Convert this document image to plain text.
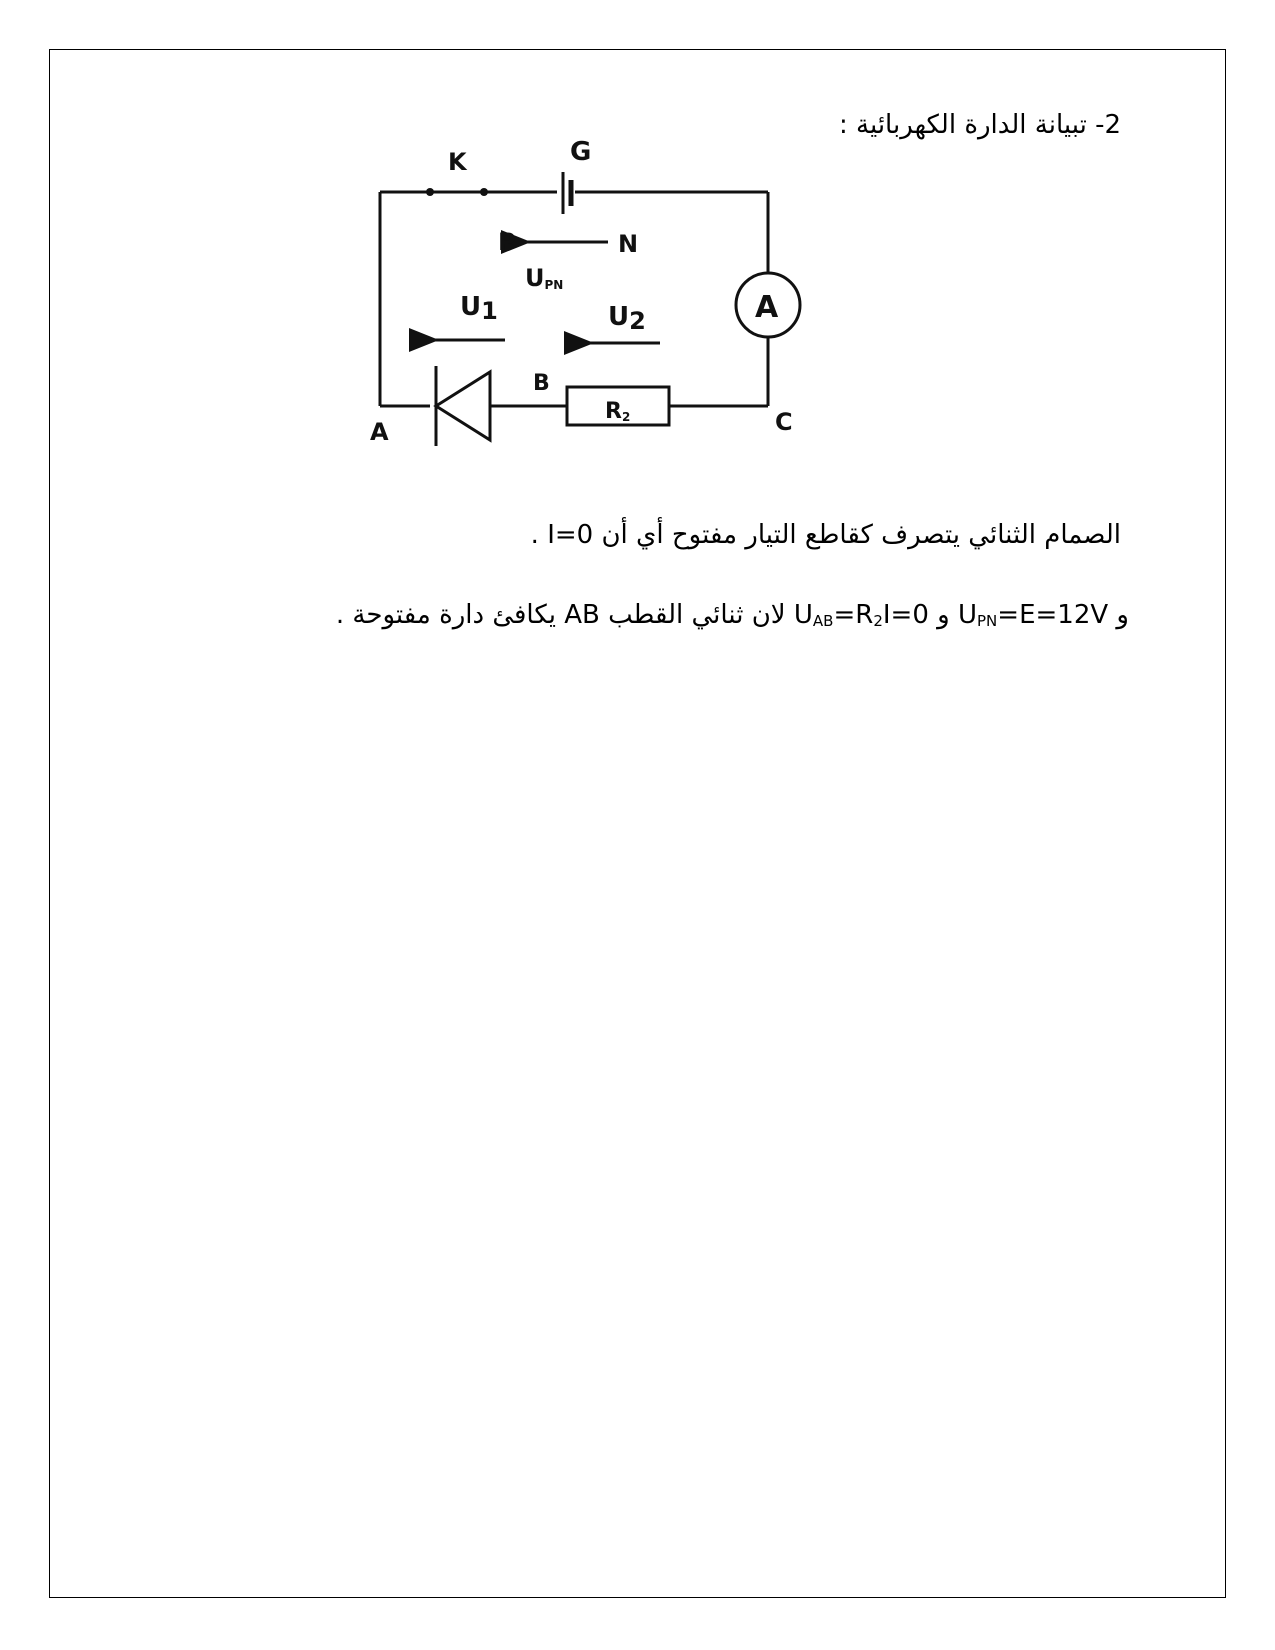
2- تبيانة الدارة الكهربائية :
K	G
P	N
UPN
U1	U2	A
A
B
C
R2
الصمام الثنائي يتصرف كقاطع التيار مفتوح أي أن I=0 .
و $U_{PN}=E=12V$ و $U_{AB}=R_2I=0$ لان ثنائي القطب AB يكافئ دارة مفتوحة .
